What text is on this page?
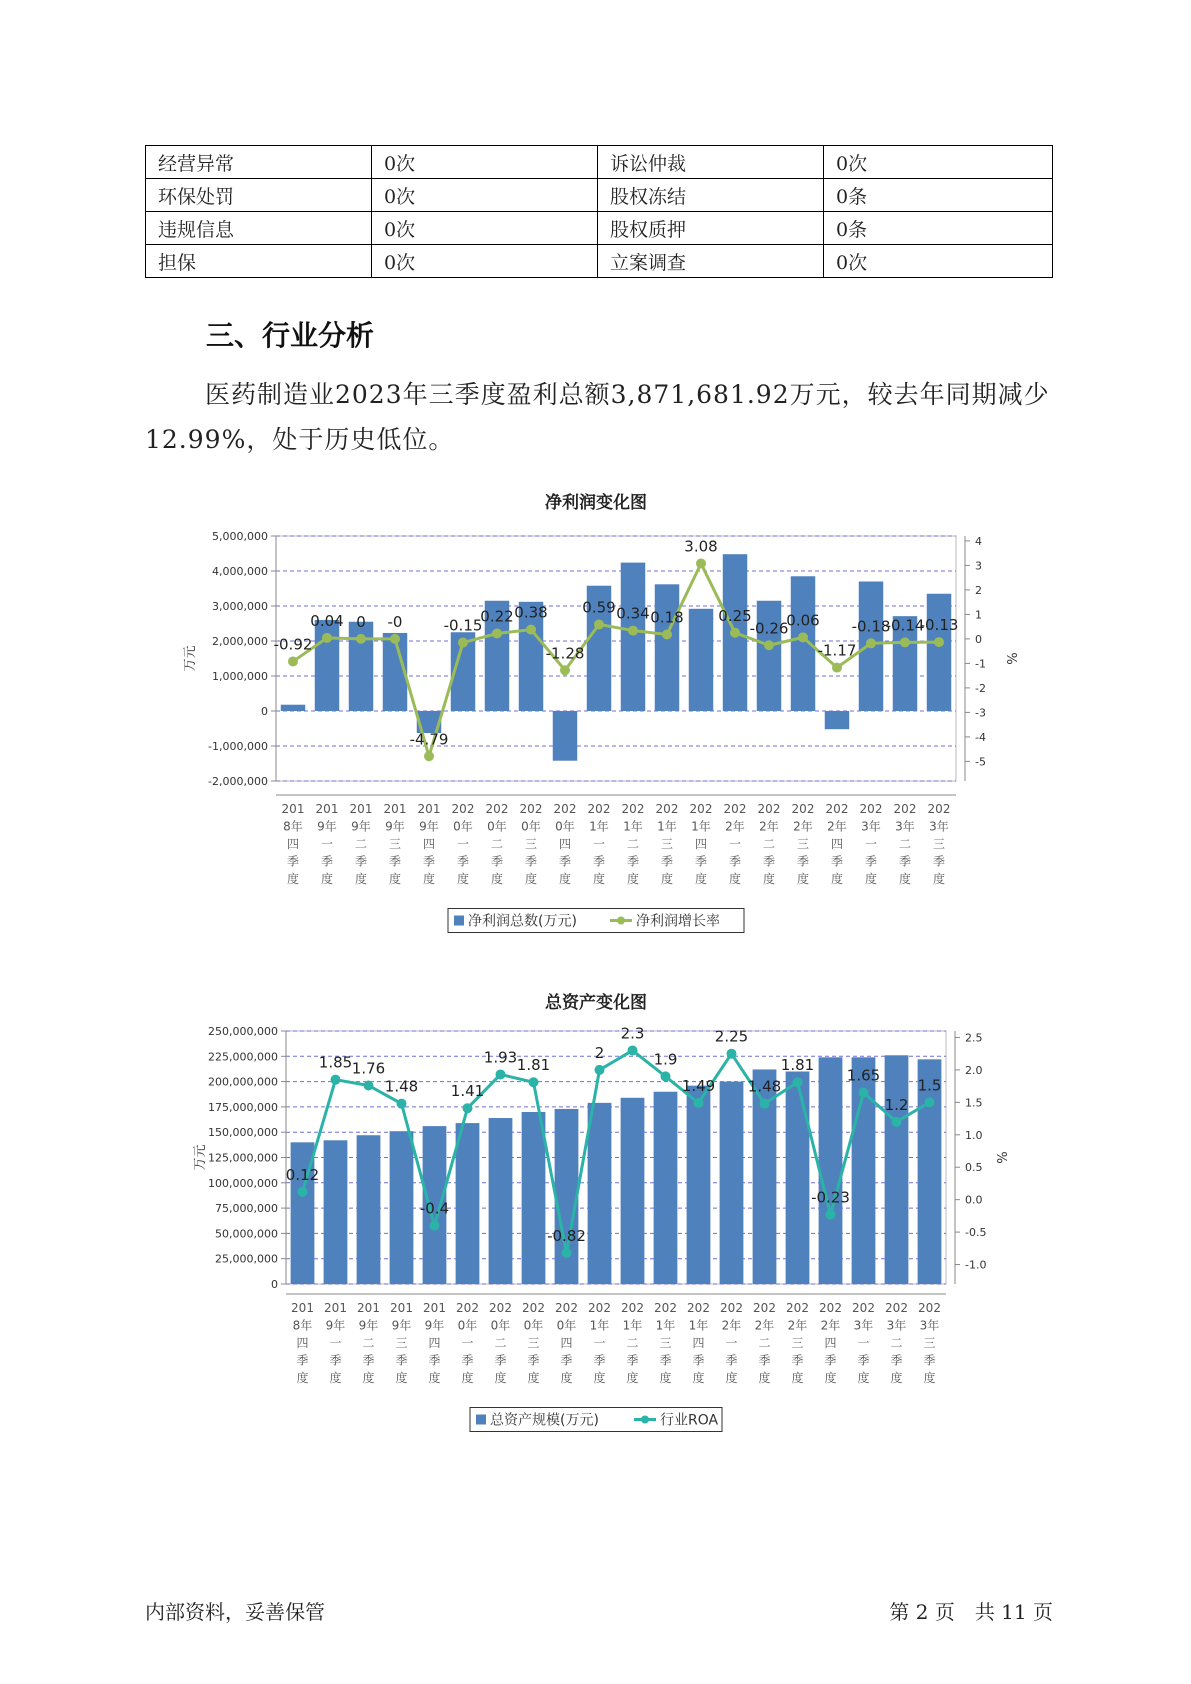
经营异常	0次	诉讼仲裁	0次
环保处罚	0次	股权冻结	0条
违规信息	0次	股权质押	0条
担保	0次	立案调查	0次
三、行业分析

医药制造业2023年三季度盈利总额3,871,681.92万元，较去年同期减少12.99%，处于历史低位。

净利润变化图
-2,000,000
-1,000,000
0
1,000,000
2,000,000
3,000,000
4,000,000
5,000,000
-5
-4
-3
-2
-1
0
1
2
3
4
万元	%
-0.92
0.04 0 -0
-4.79
-0.15
0.22 0.38
-1.28
0.59 0.34 0.18
3.08
0.25
-0.26
0.06
-1.17
-0.18
-0.14
-0.13
201
8年
四
季
度
201
9年
一
季
度
201
9年
二
季
度
201
9年
三
季
度
201
9年
四
季
度
202
0年
一
季
度
202
0年
二
季
度
202
0年
三
季
度
202
0年
四
季
度
202
1年
一
季
度
202
1年
二
季
度
202
1年
三
季
度
202
1年
四
季
度
202
2年
一
季
度
202
2年
二
季
度
202
2年
三
季
度
202
2年
四
季
度
202
3年
一
季
度
202
3年
二
季
度
202
3年
三
季
度
净利润总数(万元)	净利润增长率
总资产变化图
0
25,000,000
50,000,000
75,000,000
100,000,000
125,000,000
150,000,000
175,000,000
200,000,000
225,000,000
250,000,000
-1.0
-0.5
0.0
0.5
1.0
1.5
2.0
2.5
万元	%
0.12
1.85 1.76
1.48
-0.4
1.41
1.93 1.81
-0.82
2
2.3
1.9
1.49
2.25
1.48
1.81
-0.23
1.65
1.2
1.5
201
8年
四
季
度
201
9年
一
季
度
201
9年
二
季
度
201
9年
三
季
度
201
9年
四
季
度
202
0年
一
季
度
202
0年
二
季
度
202
0年
三
季
度
202
0年
四
季
度
202
1年
一
季
度
202
1年
二
季
度
202
1年
三
季
度
202
1年
四
季
度
202
2年
一
季
度
202
2年
二
季
度
202
2年
三
季
度
202
2年
四
季
度
202
3年
一
季
度
202
3年
二
季
度
202
3年
三
季
度
总资产规模(万元)	行业ROA
内部资料，妥善保管	第 2 页　共 11 页
